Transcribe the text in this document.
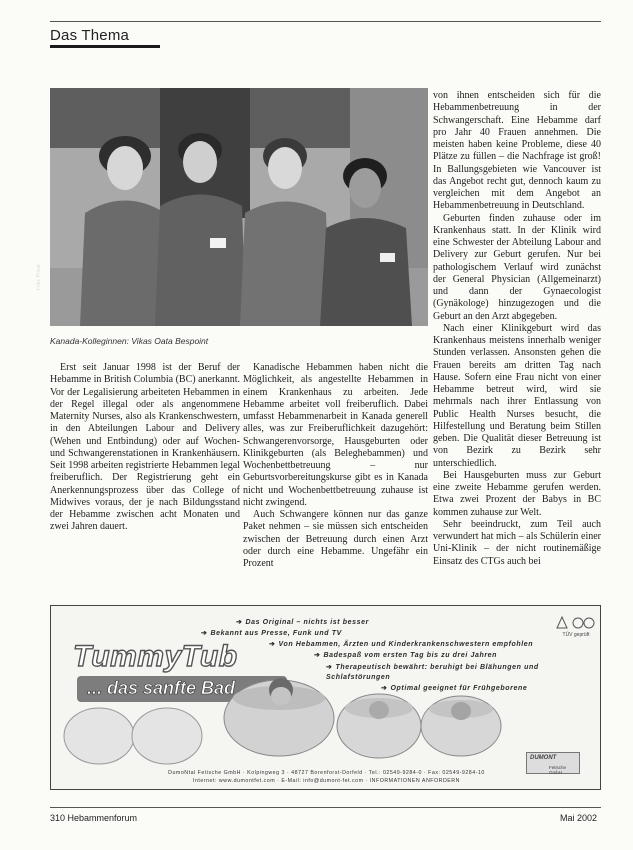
Das Thema
Foto: Privat
Kanada-Kolleginnen: Vikas Oata Bespoint

Erst seit Januar 1998 ist der Beruf der Hebamme in British Columbia (BC) anerkannt. Vor der Legalisierung arbeiteten Hebammen in der Regel illegal oder als angenommene Maternity Nurses, also als Krankenschwestern, in den Abteilungen Labour and Delivery (Wehen und Entbindung) oder auf Wochen- und Schwangerenstationen in Krankenhäusern. Seit 1998 arbeiten registrierte Hebammen legal freiberuflich. Der Registrierung geht ein Anerkennungsprozess über das College of Midwives voraus, der je nach Bildungsstand der Hebamme zwischen acht Monaten und zwei Jahren dauert.

Kanadische Hebammen haben nicht die Möglichkeit, als angestellte Hebammen in einem Krankenhaus zu arbeiten. Jede Hebamme arbeitet voll freiberuflich. Dabei umfasst Hebammenarbeit in Kanada generell alles, was zur Freiberuflichkeit dazugehört: Schwangerenvorsorge, Hausgeburten oder Klinikgeburten (als Beleghebammen) und Wochenbettbetreuung – nur Geburtsvorbereitungskurse gibt es in Kanada nicht und Wochenbettbetreuung zuhause ist nicht zwingend.

Auch Schwangere können nur das ganze Paket nehmen – sie müssen sich entscheiden zwischen der Betreuung durch einen Arzt oder durch eine Hebamme. Ungefähr ein Prozent

von ihnen entscheiden sich für die Hebammenbetreuung in der Schwangerschaft. Eine Hebamme darf pro Jahr 40 Frauen annehmen. Die meisten haben keine Probleme, diese 40 Plätze zu füllen – die Nachfrage ist groß! In Ballungsgebieten wie Vancouver ist das Angebot recht gut, dennoch kaum zu vergleichen mit dem Angebot an Hebammenbetreuung in Deutschland.

Geburten finden zuhause oder im Krankenhaus statt. In der Klinik wird eine Schwester der Abteilung Labour and Delivery zur Geburt gerufen. Nur bei pathologischem Verlauf wird zunächst der General Physician (Allgemeinarzt) und dann der Gynaecologist (Gynäkologe) hinzugezogen und die Geburt an den Arzt abgegeben.

Nach einer Klinikgeburt wird das Krankenhaus meistens innerhalb weniger Stunden verlassen. Ansonsten gehen die Frauen bereits am dritten Tag nach Hause. Sofern eine Frau nicht von einer Hebamme betreut wird, wird sie mehrmals nach ihrer Entlassung von Public Health Nurses besucht, die Hilfestellung und Beratung beim Stillen geben. Die Qualität dieser Betreuung ist von Bezirk zu Bezirk sehr unterschiedlich.

Bei Hausgeburten muss zur Geburt eine zweite Hebamme gerufen werden. Etwa zwei Prozent der Babys in BC kommen zuhause zur Welt.

Sehr beeindruckt, zum Teil auch verwundert hat mich – als Schülerin einer Uni-Klinik – der nicht routinemäßige Einsatz des CTGs auch bei

TummyTub
... das sanfte Bad
➔ Das Original – nichts ist besser
➔ Bekannt aus Presse, Funk und TV
➔ Von Hebammen, Ärzten und Kinderkrankenschwestern empfohlen
➔ Badespaß vom ersten Tag bis zu drei Jahren
➔ Therapeutisch bewährt: beruhigt bei Blähungen und Schlafstörungen
➔ Optimal geeignet für Frühgeborene
TÜV geprüft
DUMONT
Fetische GmbH
DumoNtal Fetische GmbH · Kolpingweg 3 · 48727 Borenforst-Dorfeld · Tel.: 02549-9284-0 · Fax: 02549-9284-10
Internet: www.dumontfet.com · E-Mail: info@dumont-fet.com · INFORMATIONEN ANFORDERN
310 Hebammenforum	Mai 2002
